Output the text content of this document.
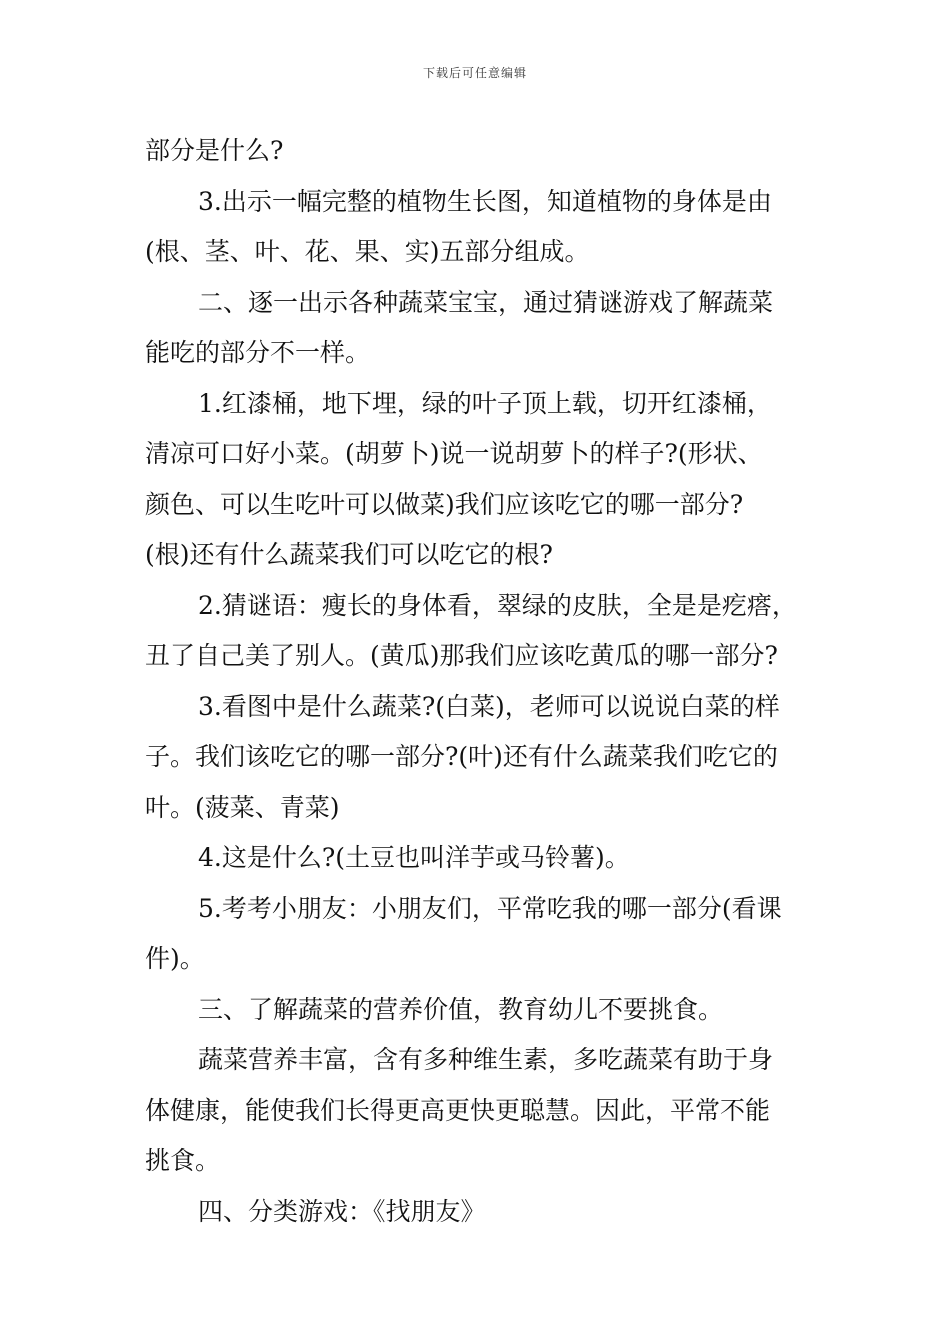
下载后可任意编辑
部分是什么?
3.出示一幅完整的植物生长图，知道植物的身体是由
(根、茎、叶、花、果、实)五部分组成。
二、逐一出示各种蔬菜宝宝，通过猜谜游戏了解蔬菜
能吃的部分不一样。
1.红漆桶，地下埋，绿的叶子顶上载，切开红漆桶，
清凉可口好小菜。(胡萝卜)说一说胡萝卜的样子?(形状、
颜色、可以生吃叶可以做菜)我们应该吃它的哪一部分?
(根)还有什么蔬菜我们可以吃它的根?
2.猜谜语：瘦长的身体看，翠绿的皮肤，全是是疙瘩，
丑了自己美了别人。(黄瓜)那我们应该吃黄瓜的哪一部分?
3.看图中是什么蔬菜?(白菜)，老师可以说说白菜的样
子。我们该吃它的哪一部分?(叶)还有什么蔬菜我们吃它的
叶。(菠菜、青菜)
4.这是什么?(土豆也叫洋芋或马铃薯)。
5.考考小朋友：小朋友们，平常吃我的哪一部分(看课
件)。
三、了解蔬菜的营养价值，教育幼儿不要挑食。
蔬菜营养丰富，含有多种维生素，多吃蔬菜有助于身
体健康，能使我们长得更高更快更聪慧。因此，平常不能
挑食。
四、分类游戏：《找朋友》
